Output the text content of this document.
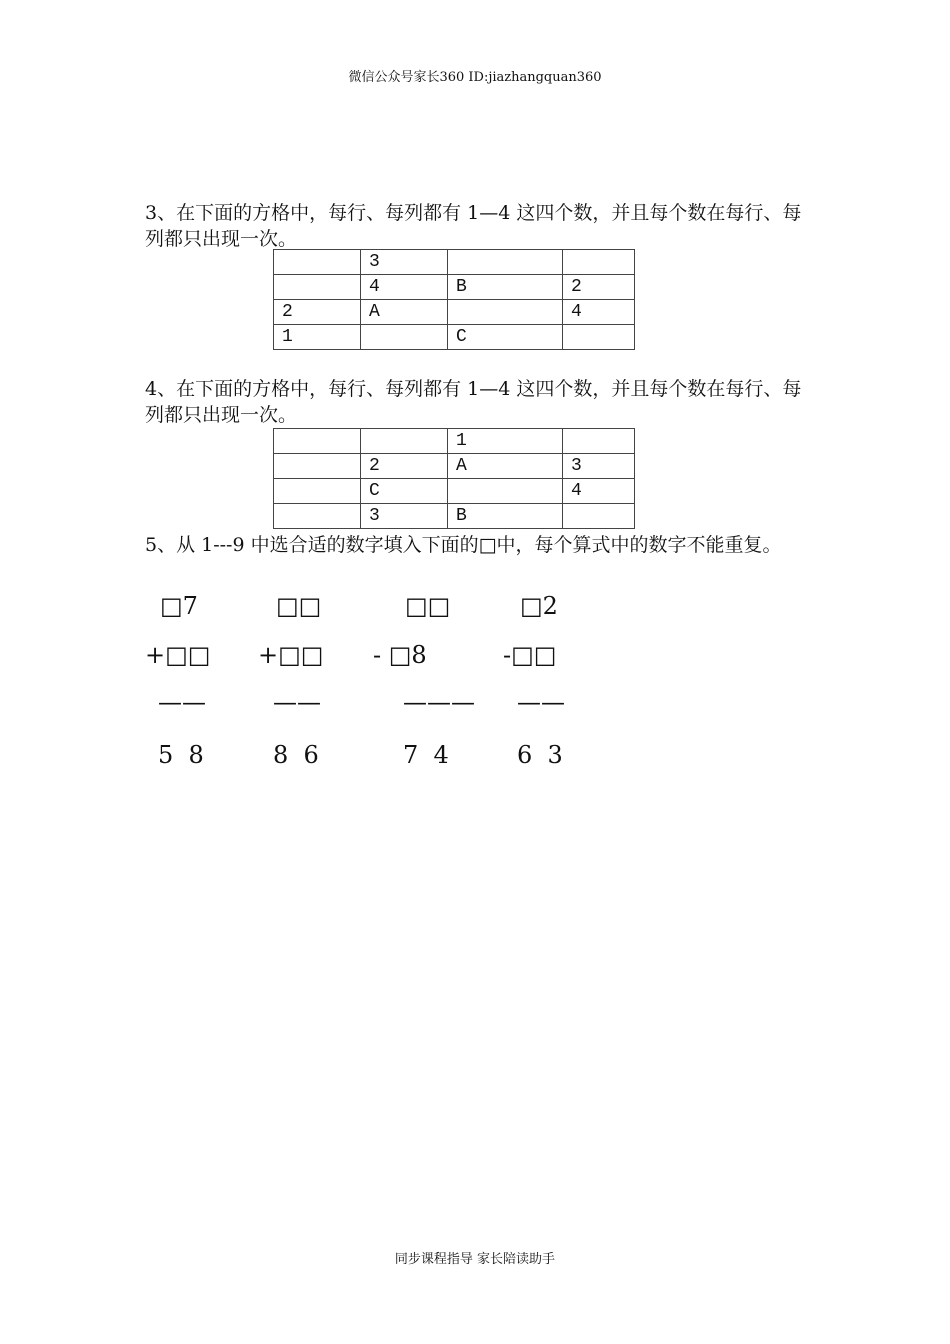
微信公众号家长360 ID:jiazhangquan360
3、在下面的方格中，每行、每列都有 1—4 这四个数，并且每个数在每行、每列都只出现一次。
	3		
	4	B	2
2	A		4
1		C	
4、在下面的方格中，每行、每列都有 1—4 这四个数，并且每个数在每行、每列都只出现一次。
		1	
	2	A	3
	C		4
	3	B	
5、从 1---9 中选合适的数字填入下面的□中，每个算式中的数字不能重复。
□7
+□□
——
5  8
□□
+□□
——
8  6
□□
- □8
———
7  4
□2
-□□
——
6  3
同步课程指导 家长陪读助手
